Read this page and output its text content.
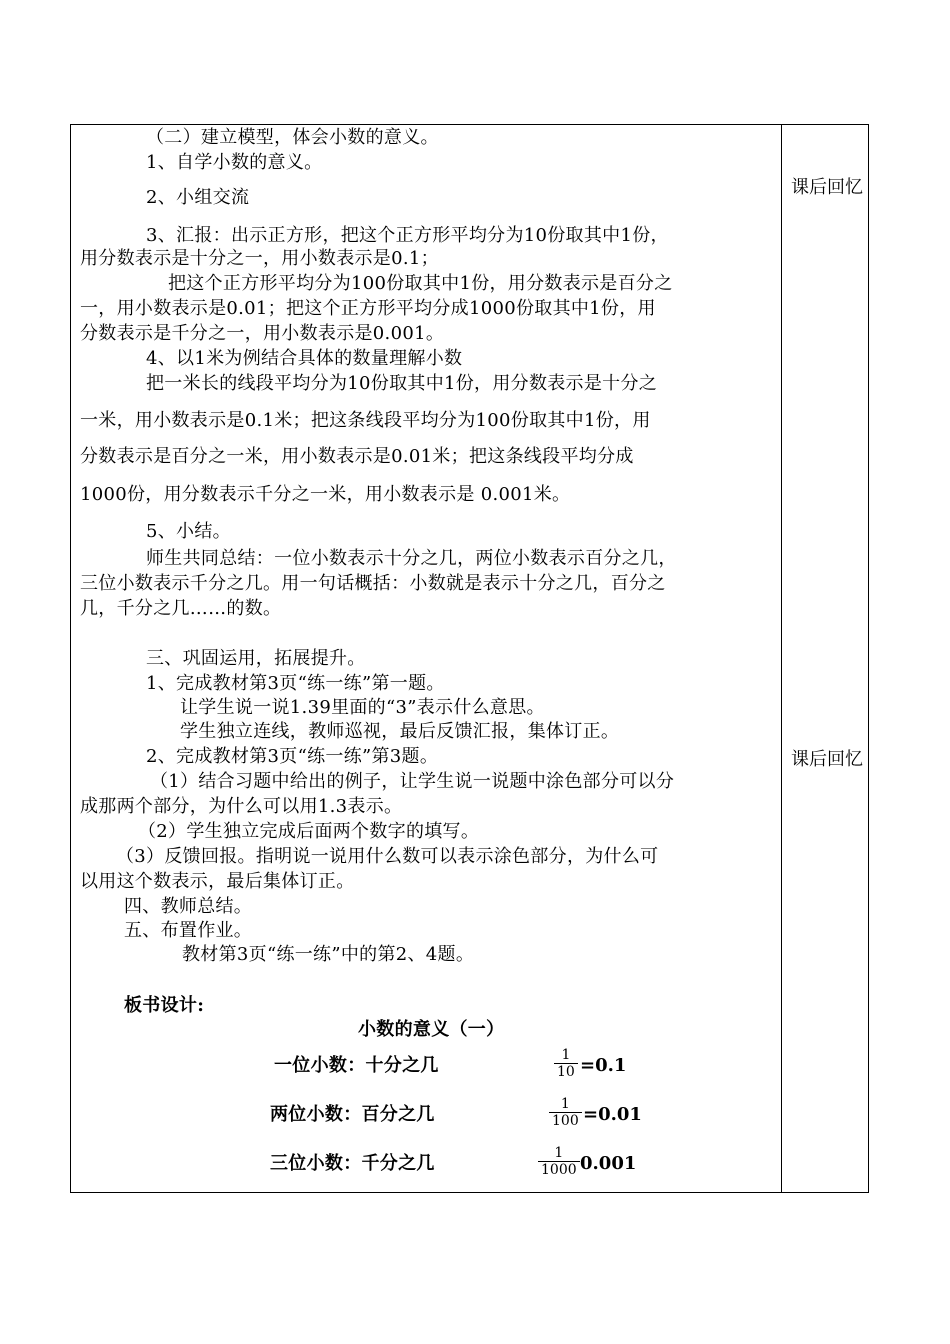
课后回忆
课后回忆
（二）建立模型，体会小数的意义。
1、自学小数的意义。
2、小组交流
3、汇报：出示正方形，把这个正方形平均分为10份取其中1份，
用分数表示是十分之一，用小数表示是0.1；
把这个正方形平均分为100份取其中1份，用分数表示是百分之
一，用小数表示是0.01；把这个正方形平均分成1000份取其中1份，用
分数表示是千分之一，用小数表示是0.001。
4、以1米为例结合具体的数量理解小数
把一米长的线段平均分为10份取其中1份，用分数表示是十分之
一米，用小数表示是0.1米；把这条线段平均分为100份取其中1份，用
分数表示是百分之一米，用小数表示是0.01米；把这条线段平均分成
1000份，用分数表示千分之一米，用小数表示是 0.001米。
5、小结。
师生共同总结：一位小数表示十分之几，两位小数表示百分之几，
三位小数表示千分之几。用一句话概括：小数就是表示十分之几，百分之
几，千分之几……的数。
三、巩固运用，拓展提升。
1、完成教材第3页“练一练”第一题。
让学生说一说1.39里面的“3”表示什么意思。
学生独立连线，教师巡视，最后反馈汇报，集体订正。
2、完成教材第3页“练一练”第3题。
（1）结合习题中给出的例子，让学生说一说题中涂色部分可以分
成那两个部分，为什么可以用1.3表示。
（2）学生独立完成后面两个数字的填写。
（3）反馈回报。指明说一说用什么数可以表示涂色部分，为什么可
以用这个数表示，最后集体订正。
四、教师总结。
五、布置作业。
教材第3页“练一练”中的第2、4题。
板书设计:
小数的意义（一）
一位小数：十分之几	$\frac{1}{10} =0.1$
两位小数：百分之几	$\frac{1}{100} =0.01$
三位小数：千分之几	$\frac{1}{1000} 0.001$
